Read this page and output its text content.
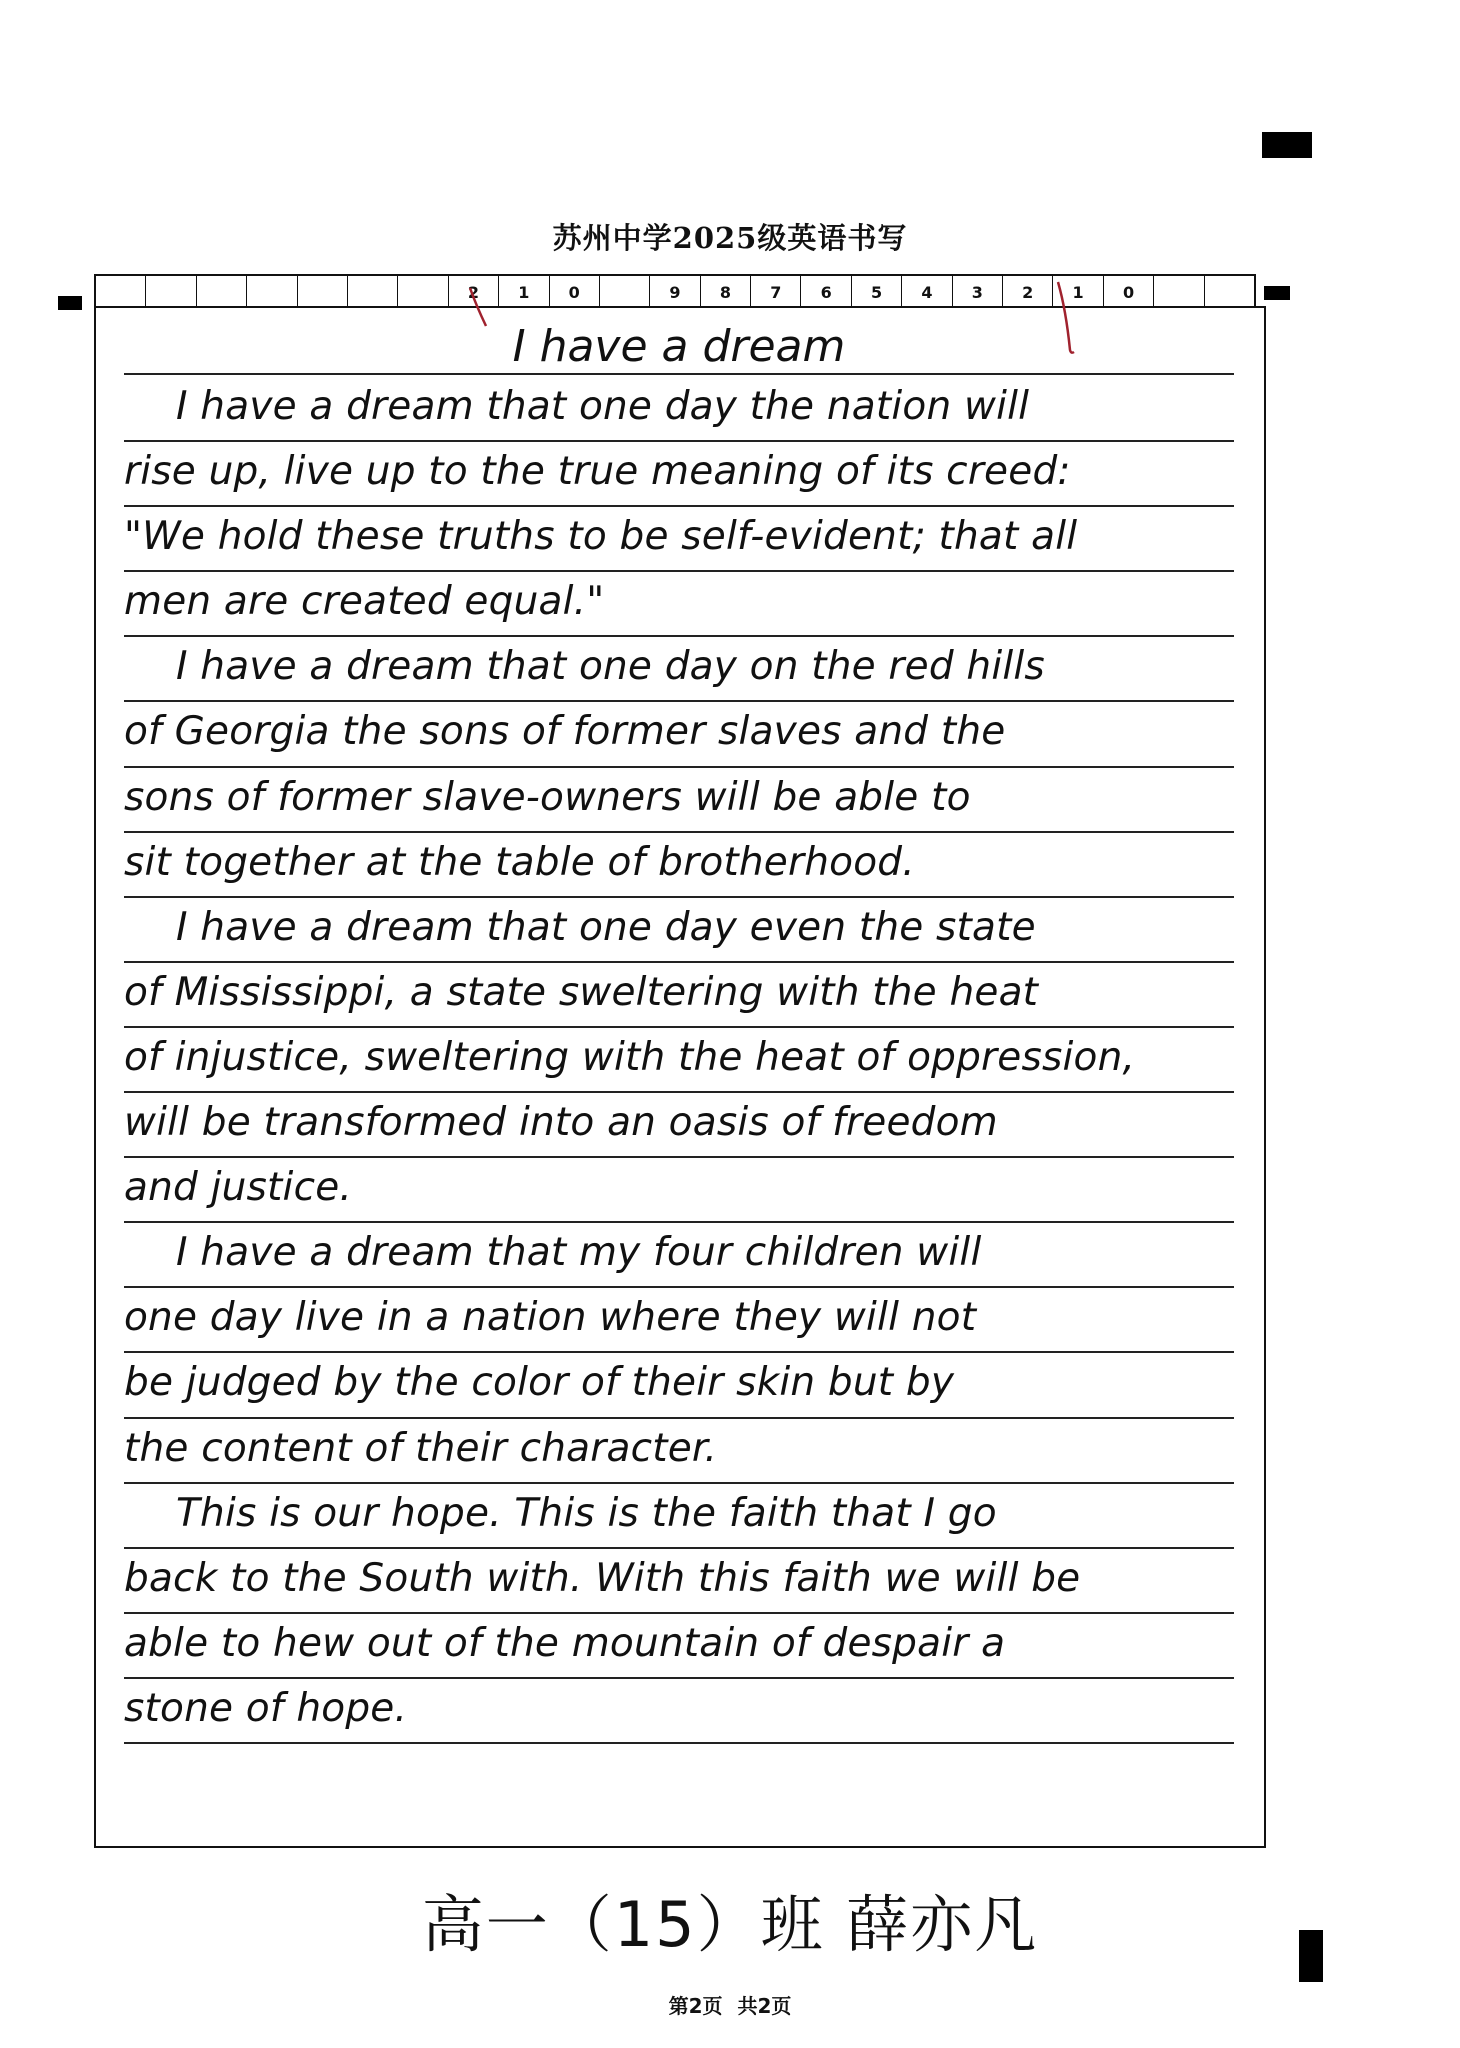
苏州中学2025级英语书写
2	1	0	9	8	7	6	5	4	3	2	1	0
I have a dream
I have a dream that one day the nation will
rise up, live up to the true meaning of its creed:
"We hold these truths to be self-evident; that all
men are created equal."
I have a dream that one day on the red hills
of Georgia the sons of former slaves and the
sons of former slave-owners will be able to
sit together at the table of brotherhood.
I have a dream that one day even the state
of Mississippi, a state sweltering with the heat
of injustice, sweltering with the heat of oppression,
will be transformed into an oasis of freedom
and justice.
I have a dream that my four children will
one day live in a nation where they will not
be judged by the color of their skin but by
the content of their character.
This is our hope. This is the faith that I go
back to the South with. With this faith we will be
able to hew out of the mountain of despair a
stone of hope.
高一（15）班 薛亦凡
第2页 共2页
